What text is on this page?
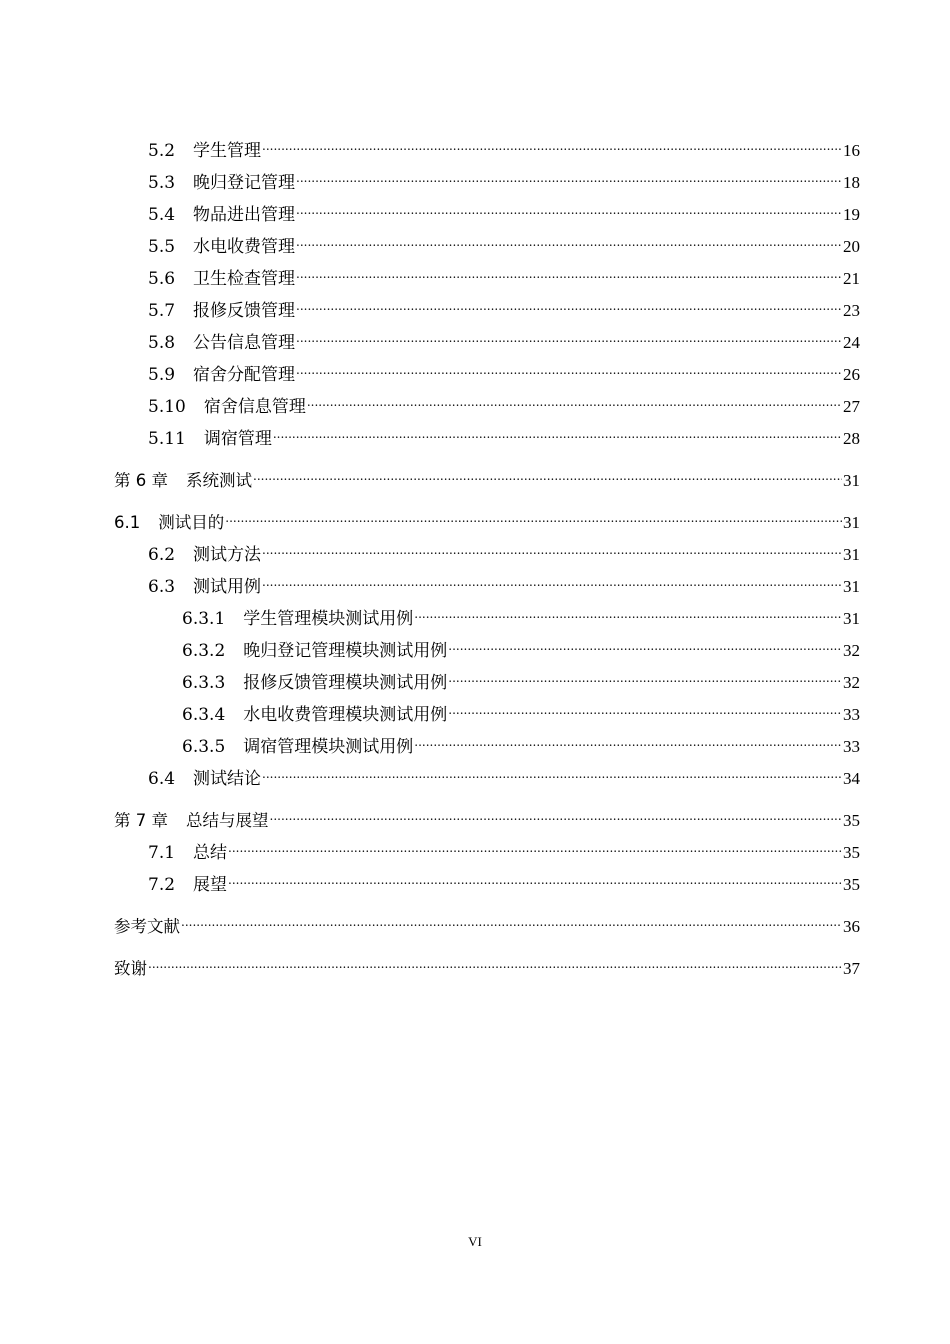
5.2 学生管理 .....	16
5.3 晚归登记管理 .....	18
5.4 物品进出管理 .....	19
5.5 水电收费管理 .....	20
5.6 卫生检查管理 .....	21
5.7 报修反馈管理 .....	23
5.8 公告信息管理 .....	24
5.9 宿舍分配管理 .....	26
5.10 宿舍信息管理 .....	27
5.11 调宿管理 .....	28
第 6 章 系统测试 .....	31
6.1 测试目的 .....	31
6.2 测试方法 .....	31
6.3 测试用例 .....	31
6.3.1 学生管理模块测试用例 .....	31
6.3.2 晚归登记管理模块测试用例 .....	32
6.3.3 报修反馈管理模块测试用例 .....	32
6.3.4 水电收费管理模块测试用例 .....	33
6.3.5 调宿管理模块测试用例 .....	33
6.4 测试结论 .....	34
第 7 章 总结与展望 .....	35
7.1 总结 .....	35
7.2 展望 .....	35
参考文献 .....	36
致谢 .....	37
VI
